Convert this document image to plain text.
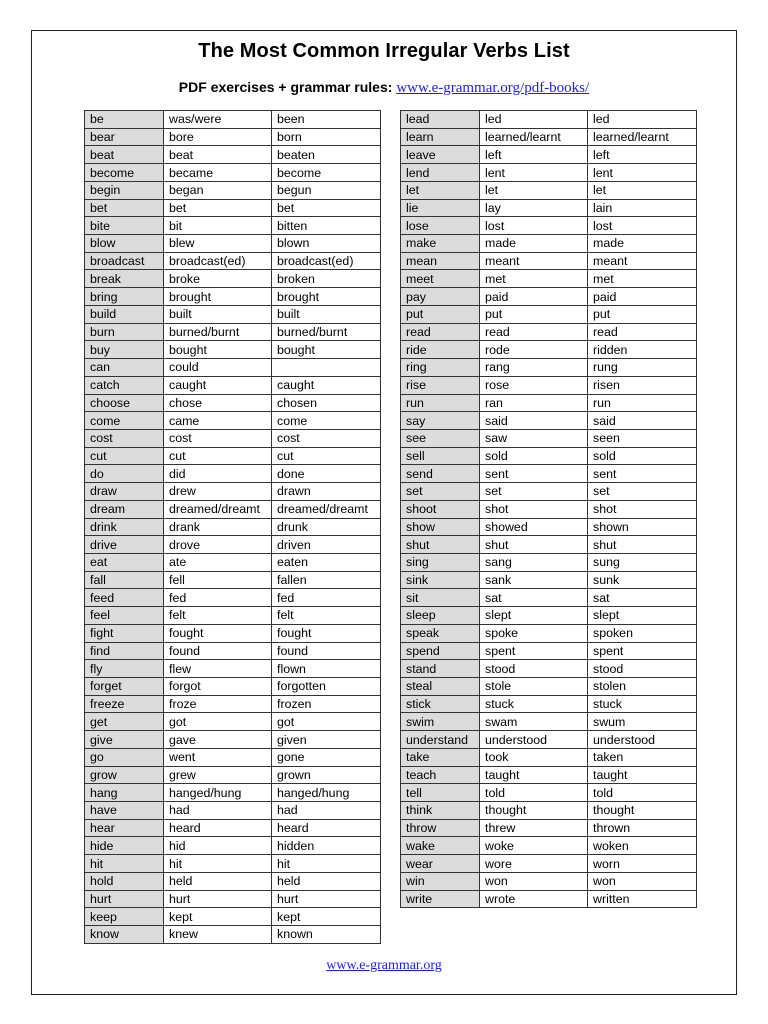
The Most Common Irregular Verbs List
PDF exercises + grammar rules: www.e-grammar.org/pdf-books/
be	was/were	been
bear	bore	born
beat	beat	beaten
become	became	become
begin	began	begun
bet	bet	bet
bite	bit	bitten
blow	blew	blown
broadcast	broadcast(ed)	broadcast(ed)
break	broke	broken
bring	brought	brought
build	built	built
burn	burned/burnt	burned/burnt
buy	bought	bought
can	could	
catch	caught	caught
choose	chose	chosen
come	came	come
cost	cost	cost
cut	cut	cut
do	did	done
draw	drew	drawn
dream	dreamed/dreamt	dreamed/dreamt
drink	drank	drunk
drive	drove	driven
eat	ate	eaten
fall	fell	fallen
feed	fed	fed
feel	felt	felt
fight	fought	fought
find	found	found
fly	flew	flown
forget	forgot	forgotten
freeze	froze	frozen
get	got	got
give	gave	given
go	went	gone
grow	grew	grown
hang	hanged/hung	hanged/hung
have	had	had
hear	heard	heard
hide	hid	hidden
hit	hit	hit
hold	held	held
hurt	hurt	hurt
keep	kept	kept
know	knew	known
lead	led	led
learn	learned/learnt	learned/learnt
leave	left	left
lend	lent	lent
let	let	let
lie	lay	lain
lose	lost	lost
make	made	made
mean	meant	meant
meet	met	met
pay	paid	paid
put	put	put
read	read	read
ride	rode	ridden
ring	rang	rung
rise	rose	risen
run	ran	run
say	said	said
see	saw	seen
sell	sold	sold
send	sent	sent
set	set	set
shoot	shot	shot
show	showed	shown
shut	shut	shut
sing	sang	sung
sink	sank	sunk
sit	sat	sat
sleep	slept	slept
speak	spoke	spoken
spend	spent	spent
stand	stood	stood
steal	stole	stolen
stick	stuck	stuck
swim	swam	swum
understand	understood	understood
take	took	taken
teach	taught	taught
tell	told	told
think	thought	thought
throw	threw	thrown
wake	woke	woken
wear	wore	worn
win	won	won
write	wrote	written
www.e-grammar.org
